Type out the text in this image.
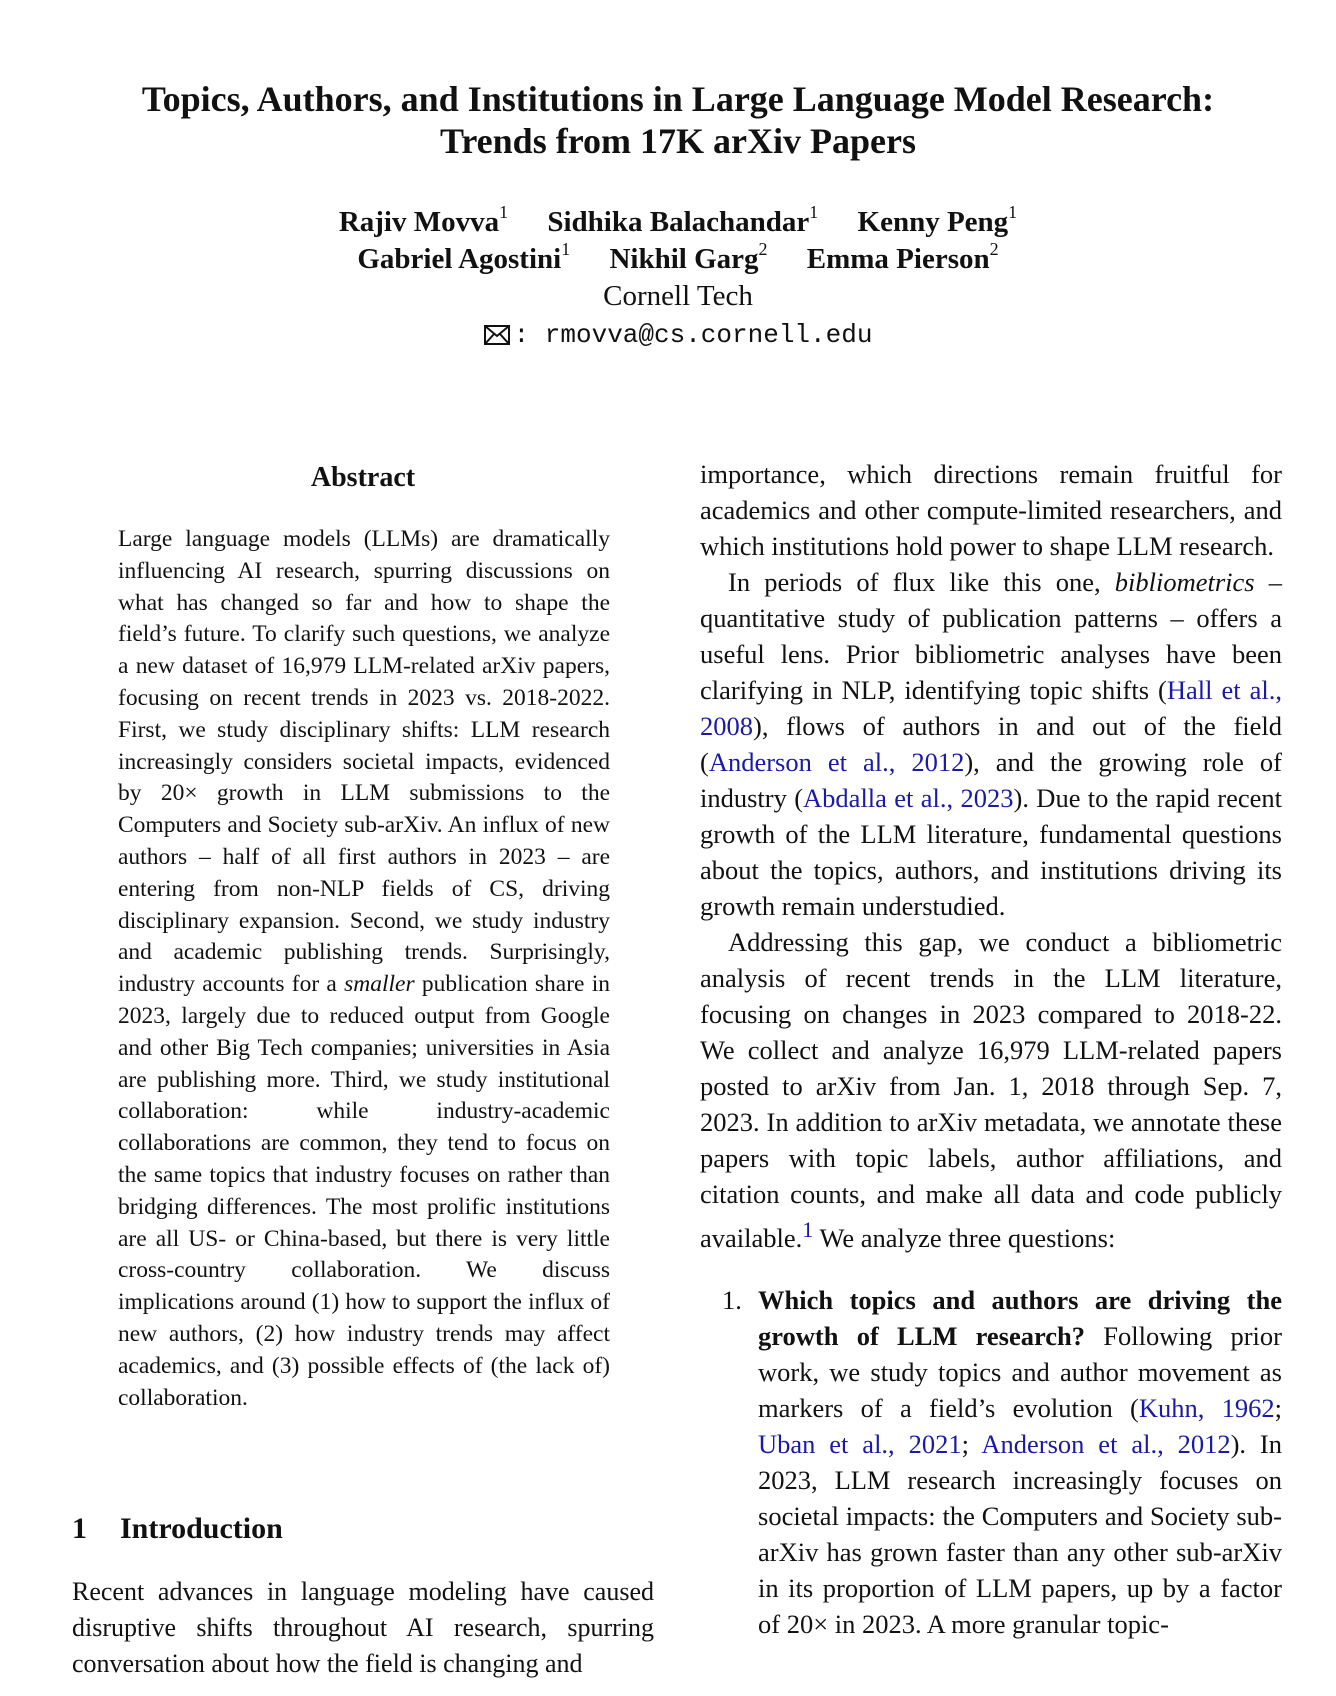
Topics, Authors, and Institutions in Large Language Model Research:
Trends from 17K arXiv Papers
Rajiv Movva$^1$ Sidhika Balachandar$^1$ Kenny Peng$^1$
Gabriel Agostini$^1$ Nikhil Garg$^2$ Emma Pierson$^2$
Cornell Tech
: rmovva@cs.cornell.edu
Abstract

Large language models (LLMs) are dramatically influencing AI research, spurring discussions on what has changed so far and how to shape the field’s future. To clarify such questions, we analyze a new dataset of 16,979 LLM-related arXiv papers, focusing on recent trends in 2023 vs. 2018-2022. First, we study disciplinary shifts: LLM research increasingly considers societal impacts, evidenced by 20× growth in LLM submissions to the Computers and Society sub-arXiv. An influx of new authors – half of all first authors in 2023 – are entering from non-NLP fields of CS, driving disciplinary expansion. Second, we study industry and academic publishing trends. Surprisingly, industry accounts for a smaller publication share in 2023, largely due to reduced output from Google and other Big Tech companies; universities in Asia are publishing more. Third, we study institutional collaboration: while industry-academic collaborations are common, they tend to focus on the same topics that industry focuses on rather than bridging differences. The most prolific institutions are all US- or China-based, but there is very little cross-country collaboration. We discuss implications around (1) how to support the influx of new authors, (2) how industry trends may affect academics, and (3) possible effects of (the lack of) collaboration.

1 Introduction

Recent advances in language modeling have caused disruptive shifts throughout AI research, spurring conversation about how the field is changing and

importance, which directions remain fruitful for academics and other compute-limited researchers, and which institutions hold power to shape LLM research.

In periods of flux like this one, bibliometrics – quantitative study of publication patterns – offers a useful lens. Prior bibliometric analyses have been clarifying in NLP, identifying topic shifts (Hall et al., 2008), flows of authors in and out of the field (Anderson et al., 2012), and the growing role of industry (Abdalla et al., 2023). Due to the rapid recent growth of the LLM literature, fundamental questions about the topics, authors, and institutions driving its growth remain understudied.

Addressing this gap, we conduct a bibliometric analysis of recent trends in the LLM literature, focusing on changes in 2023 compared to 2018-22. We collect and analyze 16,979 LLM-related papers posted to arXiv from Jan. 1, 2018 through Sep. 7, 2023. In addition to arXiv metadata, we annotate these papers with topic labels, author affiliations, and citation counts, and make all data and code publicly available.$^1$ We analyze three questions:

1. Which topics and authors are driving the growth of LLM research? Following prior work, we study topics and author movement as markers of a field’s evolution (Kuhn, 1962; Uban et al., 2021; Anderson et al., 2012). In 2023, LLM research increasingly focuses on societal impacts: the Computers and Society sub-arXiv has grown faster than any other sub-arXiv in its proportion of LLM papers, up by a factor of 20× in 2023. A more granular topic-
